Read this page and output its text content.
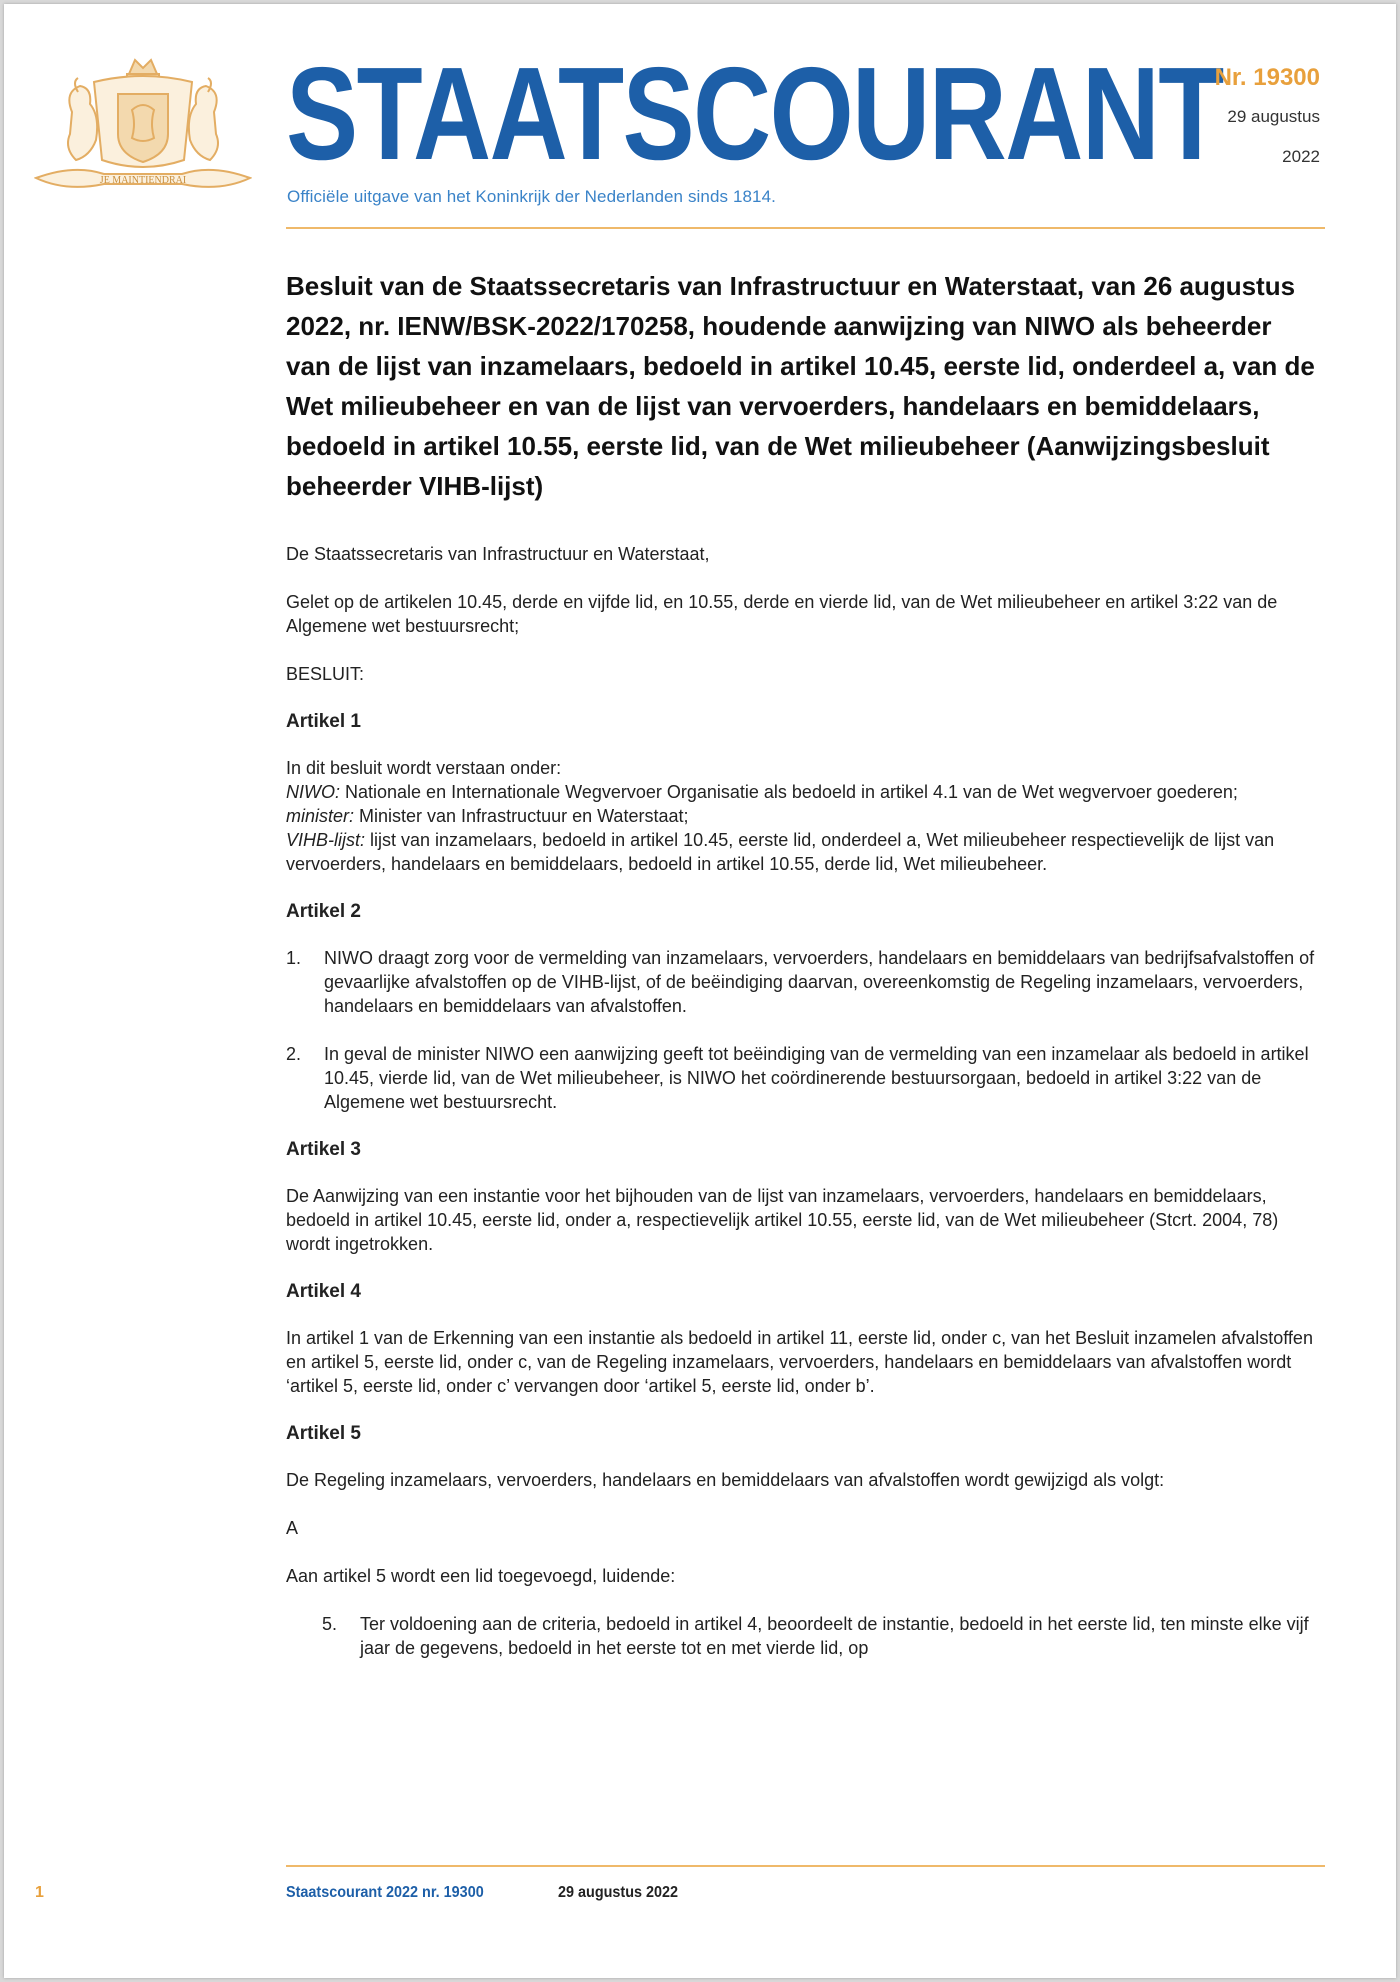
JE MAINTIENDRAI STAATSCOURANT
Officiële uitgave van het Koninkrijk der Nederlanden sinds 1814.
Nr. 19300
29 augustus
2022
Besluit van de Staatssecretaris van Infrastructuur en Waterstaat, van 26 augustus 2022, nr. IENW/BSK-2022/170258, houdende aanwijzing van NIWO als beheerder van de lijst van inzamelaars, bedoeld in artikel 10.45, eerste lid, onderdeel a, van de Wet milieubeheer en van de lijst van vervoerders, handelaars en bemiddelaars, bedoeld in artikel 10.55, eerste lid, van de Wet milieubeheer (Aanwijzingsbesluit beheerder VIHB-lijst)

De Staatssecretaris van Infrastructuur en Waterstaat,

Gelet op de artikelen 10.45, derde en vijfde lid, en 10.55, derde en vierde lid, van de Wet milieubeheer en artikel 3:22 van de Algemene wet bestuursrecht;

BESLUIT:

Artikel 1
In dit besluit wordt verstaan onder:
NIWO: Nationale en Internationale Wegvervoer Organisatie als bedoeld in artikel 4.1 van de Wet wegvervoer goederen;
minister: Minister van Infrastructuur en Waterstaat;
VIHB-lijst: lijst van inzamelaars, bedoeld in artikel 10.45, eerste lid, onderdeel a, Wet milieubeheer respectievelijk de lijst van vervoerders, handelaars en bemiddelaars, bedoeld in artikel 10.55, derde lid, Wet milieubeheer.
Artikel 2
1. NIWO draagt zorg voor de vermelding van inzamelaars, vervoerders, handelaars en bemiddelaars van bedrijfsafvalstoffen of gevaarlijke afvalstoffen op de VIHB-lijst, of de beëindiging daarvan, overeenkomstig de Regeling inzamelaars, vervoerders, handelaars en bemiddelaars van afvalstoffen.
2. In geval de minister NIWO een aanwijzing geeft tot beëindiging van de vermelding van een inzamelaar als bedoeld in artikel 10.45, vierde lid, van de Wet milieubeheer, is NIWO het coördinerende bestuursorgaan, bedoeld in artikel 3:22 van de Algemene wet bestuursrecht.
Artikel 3

De Aanwijzing van een instantie voor het bijhouden van de lijst van inzamelaars, vervoerders, handelaars en bemiddelaars, bedoeld in artikel 10.45, eerste lid, onder a, respectievelijk artikel 10.55, eerste lid, van de Wet milieubeheer (Stcrt. 2004, 78) wordt ingetrokken.

Artikel 4

In artikel 1 van de Erkenning van een instantie als bedoeld in artikel 11, eerste lid, onder c, van het Besluit inzamelen afvalstoffen en artikel 5, eerste lid, onder c, van de Regeling inzamelaars, vervoerders, handelaars en bemiddelaars van afvalstoffen wordt ‘artikel 5, eerste lid, onder c’ vervangen door ‘artikel 5, eerste lid, onder b’.

Artikel 5

De Regeling inzamelaars, vervoerders, handelaars en bemiddelaars van afvalstoffen wordt gewijzigd als volgt:

A

Aan artikel 5 wordt een lid toegevoegd, luidende:

5. Ter voldoening aan de criteria, bedoeld in artikel 4, beoordeelt de instantie, bedoeld in het eerste lid, ten minste elke vijf jaar de gegevens, bedoeld in het eerste tot en met vierde lid, op
1	Staatscourant 2022 nr. 19300	29 augustus 2022
